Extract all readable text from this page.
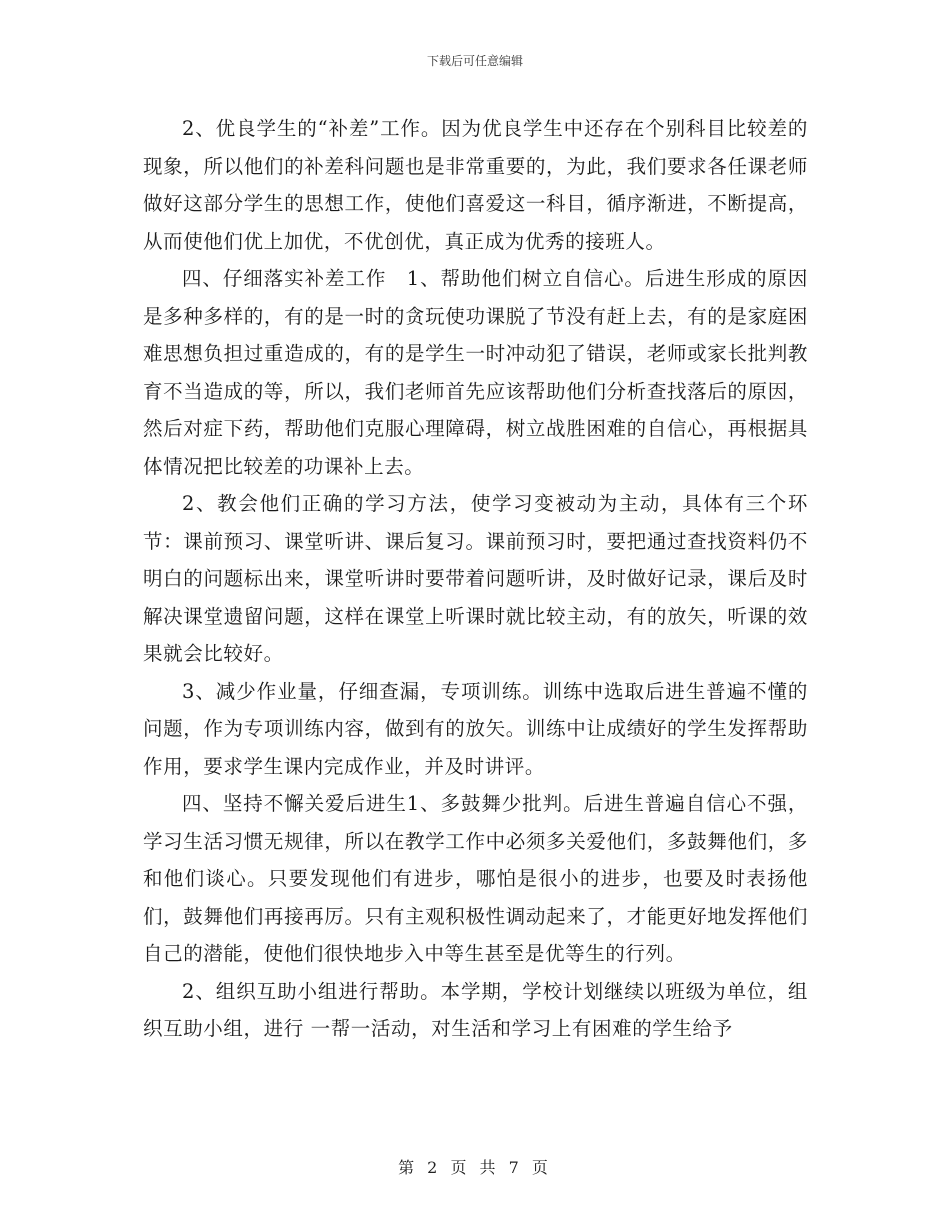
下载后可任意编辑

2、优良学生的“补差”工作。因为优良学生中还存在个别科目比较差的现象，所以他们的补差科问题也是非常重要的，为此，我们要求各任课老师做好这部分学生的思想工作，使他们喜爱这一科目，循序渐进，不断提高，从而使他们优上加优，不优创优，真正成为优秀的接班人。

四、仔细落实补差工作　1、帮助他们树立自信心。后进生形成的原因是多种多样的，有的是一时的贪玩使功课脱了节没有赶上去，有的是家庭困难思想负担过重造成的，有的是学生一时冲动犯了错误，老师或家长批判教育不当造成的等，所以，我们老师首先应该帮助他们分析查找落后的原因，然后对症下药，帮助他们克服心理障碍，树立战胜困难的自信心，再根据具体情况把比较差的功课补上去。

2、教会他们正确的学习方法，使学习变被动为主动，具体有三个环节：课前预习、课堂听讲、课后复习。课前预习时，要把通过查找资料仍不明白的问题标出来，课堂听讲时要带着问题听讲，及时做好记录，课后及时解决课堂遗留问题，这样在课堂上听课时就比较主动，有的放矢，听课的效果就会比较好。

3、减少作业量，仔细查漏，专项训练。训练中选取后进生普遍不懂的问题，作为专项训练内容，做到有的放矢。训练中让成绩好的学生发挥帮助作用，要求学生课内完成作业，并及时讲评。

四、坚持不懈关爱后进生1、多鼓舞少批判。后进生普遍自信心不强，学习生活习惯无规律，所以在教学工作中必须多关爱他们，多鼓舞他们，多和他们谈心。只要发现他们有进步，哪怕是很小的进步，也要及时表扬他们，鼓舞他们再接再厉。只有主观积极性调动起来了，才能更好地发挥他们自己的潜能，使他们很快地步入中等生甚至是优等生的行列。

2、组织互助小组进行帮助。本学期，学校计划继续以班级为单位，组织互助小组，进行 一帮一活动，对生活和学习上有困难的学生给予

第 2 页 共 7 页
